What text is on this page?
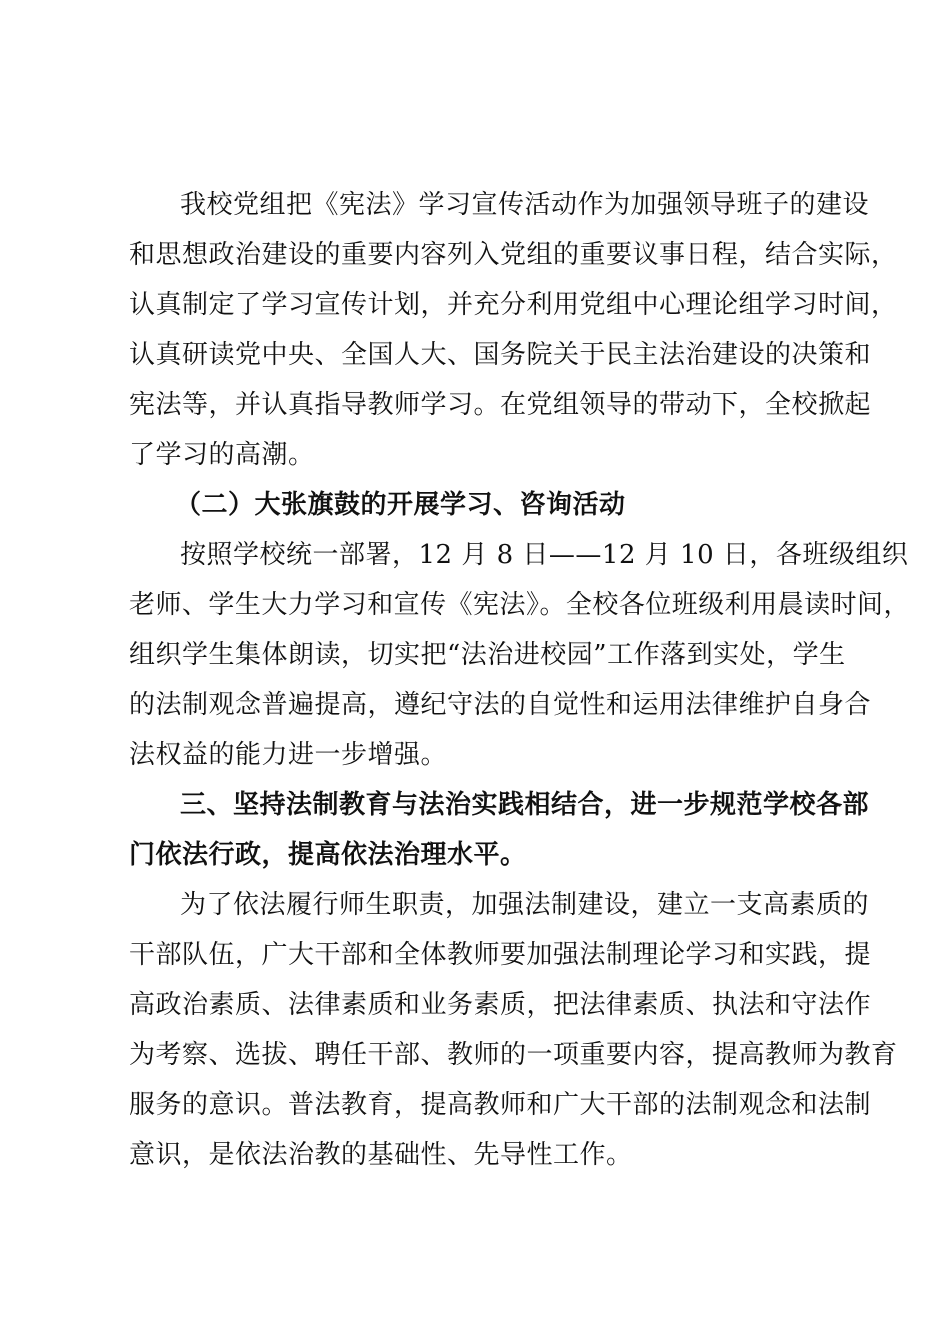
我校党组把《宪法》学习宣传活动作为加强领导班子的建设
和思想政治建设的重要内容列入党组的重要议事日程，结合实际，
认真制定了学习宣传计划，并充分利用党组中心理论组学习时间，
认真研读党中央、全国人大、国务院关于民主法治建设的决策和
宪法等，并认真指导教师学习。在党组领导的带动下，全校掀起
了学习的高潮。
（二）大张旗鼓的开展学习、咨询活动
按照学校统一部署，12 月 8 日——12 月 10 日，各班级组织
老师、学生大力学习和宣传《宪法》。全校各位班级利用晨读时间，
组织学生集体朗读，切实把“法治进校园”工作落到实处，学生
的法制观念普遍提高，遵纪守法的自觉性和运用法律维护自身合
法权益的能力进一步增强。
三、坚持法制教育与法治实践相结合，进一步规范学校各部
门依法行政，提高依法治理水平。
为了依法履行师生职责，加强法制建设，建立一支高素质的
干部队伍，广大干部和全体教师要加强法制理论学习和实践，提
高政治素质、法律素质和业务素质，把法律素质、执法和守法作
为考察、选拔、聘任干部、教师的一项重要内容，提高教师为教育
服务的意识。普法教育，提高教师和广大干部的法制观念和法制
意识，是依法治教的基础性、先导性工作。
